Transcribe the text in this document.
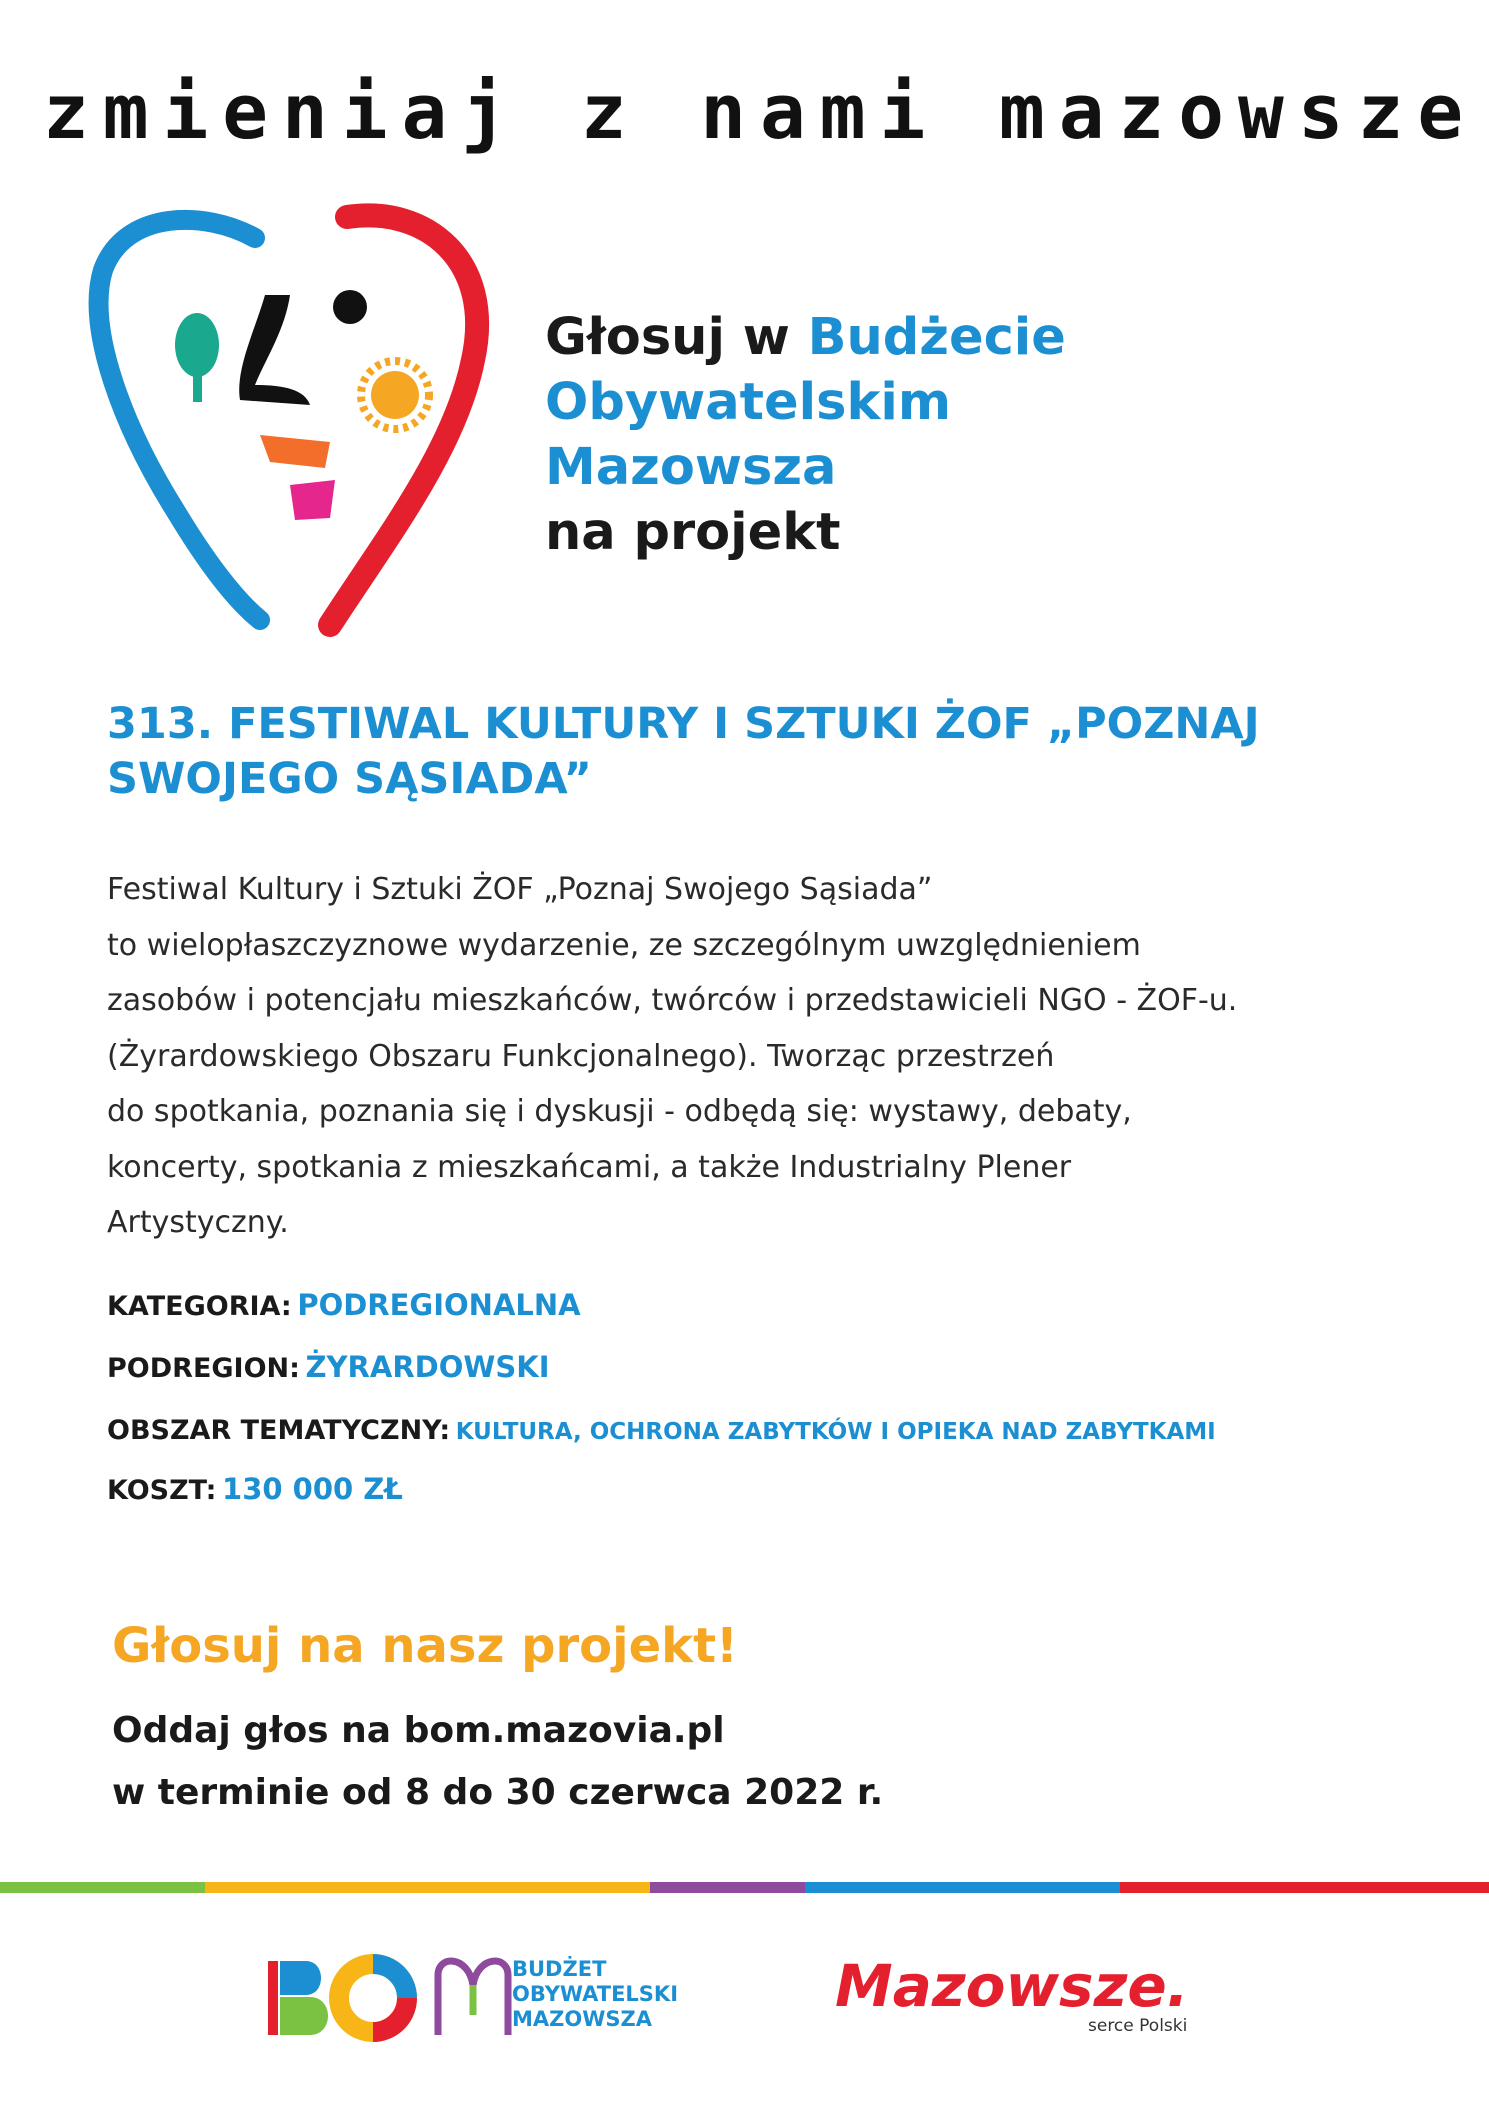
zmieniaj z nami mazowsze
Głosuj w Budżecie
Obywatelskim
Mazowsza
na projekt
313. FESTIWAL KULTURY I SZTUKI ŻOF „POZNAJ SWOJEGO SĄSIADA”
Festiwal Kultury i Sztuki ŻOF „Poznaj Swojego Sąsiada”
to wielopłaszczyznowe wydarzenie, ze szczególnym uwzględnieniem
zasobów i potencjału mieszkańców, twórców i przedstawicieli NGO - ŻOF-u.
(Żyrardowskiego Obszaru Funkcjonalnego). Tworząc przestrzeń
do spotkania, poznania się i dyskusji - odbędą się: wystawy, debaty,
koncerty, spotkania z mieszkańcami, a także Industrialny Plener
Artystyczny.
KATEGORIA: PODREGIONALNA
PODREGION: ŻYRARDOWSKI
OBSZAR TEMATYCZNY: KULTURA, OCHRONA ZABYTKÓW I OPIEKA NAD ZABYTKAMI
KOSZT: 130 000 ZŁ
Głosuj na nasz projekt!
Oddaj głos na bom.mazovia.pl
w terminie od 8 do 30 czerwca 2022 r.
BUDŻET
OBYWATELSKI
MAZOWSZA	Mazowsze.
serce Polski
